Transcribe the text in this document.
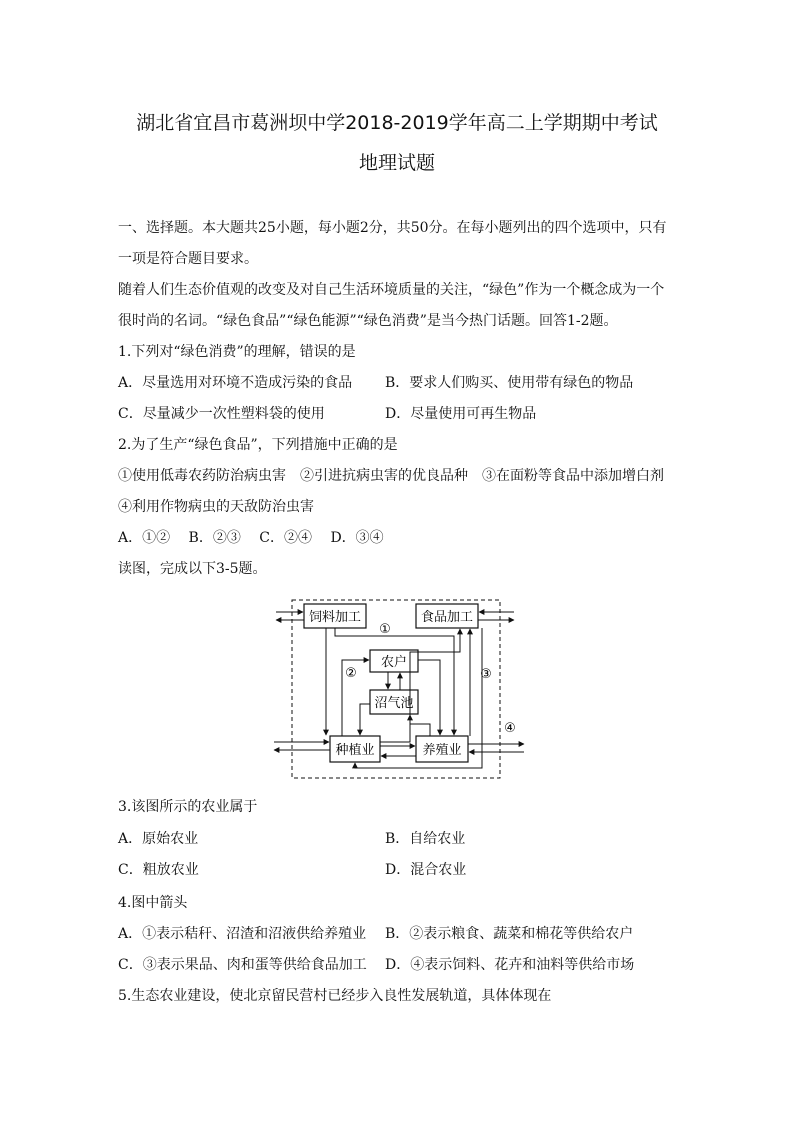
湖北省宜昌市葛洲坝中学2018-2019学年高二上学期期中考试
地理试题
一、选择题。本大题共25小题，每小题2分，共50分。在每小题列出的四个选项中，只有
一项是符合题目要求。
随着人们生态价值观的改变及对自己生活环境质量的关注，“绿色”作为一个概念成为一个
很时尚的名词。“绿色食品”“绿色能源”“绿色消费”是当今热门话题。回答1-2题。
1.下列对“绿色消费”的理解，错误的是
A．尽量选用对环境不造成污染的食品 B．要求人们购买、使用带有绿色的物品
C．尽量减少一次性塑料袋的使用	D．尽量使用可再生物品
2.为了生产“绿色食品”，下列措施中正确的是
①使用低毒农药防治病虫害　②引进抗病虫害的优良品种　③在面粉等食品中添加增白剂
④利用作物病虫的天敌防治虫害
A．①②　 B．②③　 C．②④　 D．③④
读图，完成以下3-5题。
饲料加工	食品加工
农户
沼气池
种植业	养殖业
①
②	③
④
3.该图所示的农业属于
A．原始农业	B．自给农业
C．粗放农业	D．混合农业
4.图中箭头
A．①表示秸秆、沼渣和沼液供给养殖业 B．②表示粮食、蔬菜和棉花等供给农户
C．③表示果品、肉和蛋等供给食品加工 D．④表示饲料、花卉和油料等供给市场
5.生态农业建设，使北京留民营村已经步入良性发展轨道，具体体现在
